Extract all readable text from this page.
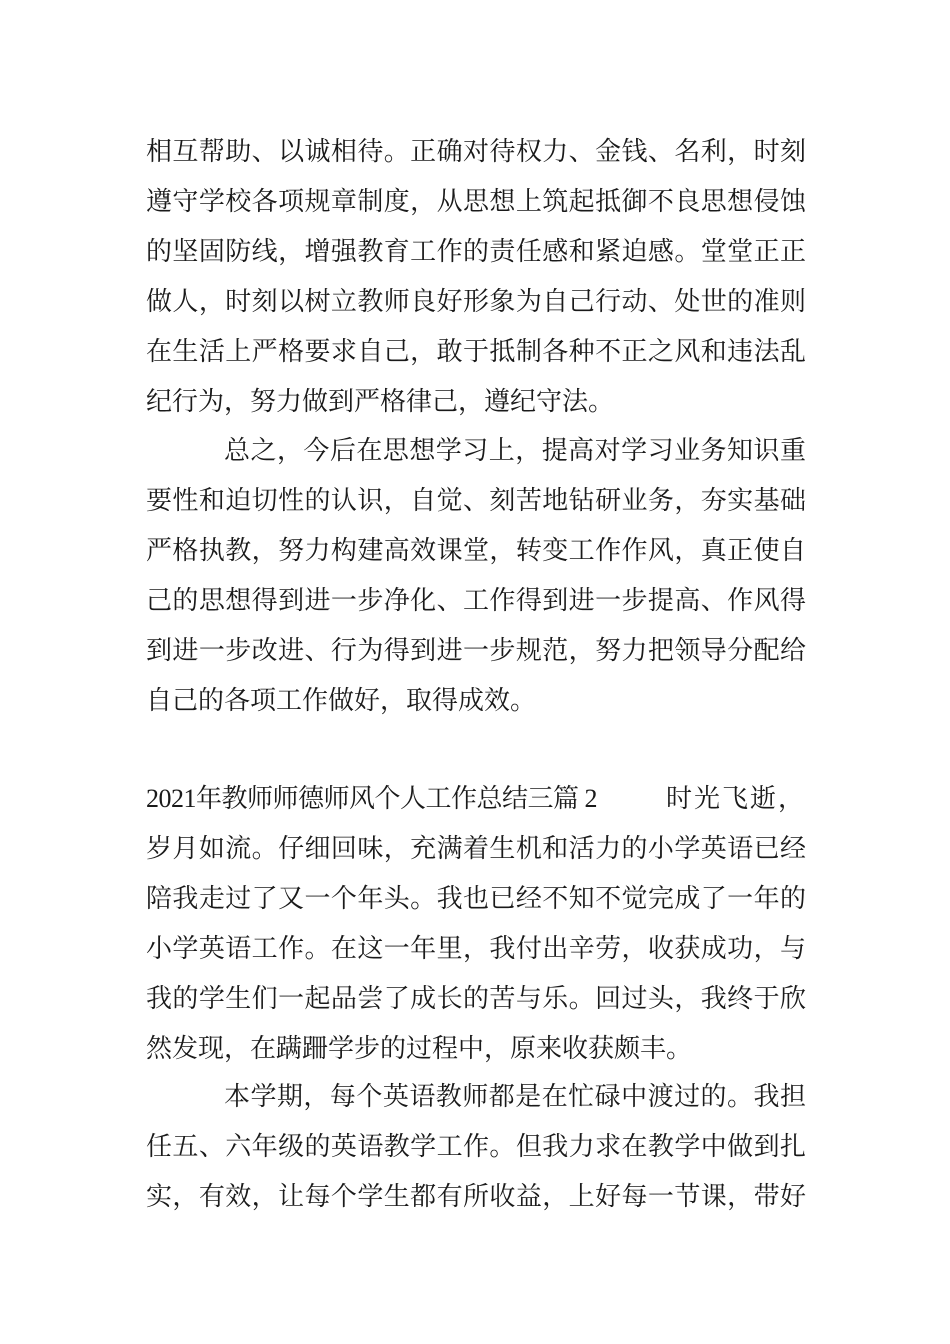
相互帮助、以诚相待。正确对待权力、金钱、名利，时刻
遵守学校各项规章制度，从思想上筑起抵御不良思想侵蚀
的坚固防线，增强教育工作的责任感和紧迫感。堂堂正正
做人，时刻以树立教师良好形象为自己行动、处世的准则
在生活上严格要求自己，敢于抵制各种不正之风和违法乱
纪行为，努力做到严格律己，遵纪守法。
总之，今后在思想学习上，提高对学习业务知识重
要性和迫切性的认识，自觉、刻苦地钻研业务，夯实基础
严格执教，努力构建高效课堂，转变工作作风，真正使自
己的思想得到进一步净化、工作得到进一步提高、作风得
到进一步改进、行为得到进一步规范，努力把领导分配给
自己的各项工作做好，取得成效。
2021年教师师德师风个人工作总结三篇 2	时光飞逝，
岁月如流。仔细回味，充满着生机和活力的小学英语已经
陪我走过了又一个年头。我也已经不知不觉完成了一年的
小学英语工作。在这一年里，我付出辛劳，收获成功，与
我的学生们一起品尝了成长的苦与乐。回过头，我终于欣
然发现，在蹒跚学步的过程中，原来收获颇丰。
本学期，每个英语教师都是在忙碌中渡过的。我担
任五、六年级的英语教学工作。但我力求在教学中做到扎
实，有效，让每个学生都有所收益，上好每一节课，带好
